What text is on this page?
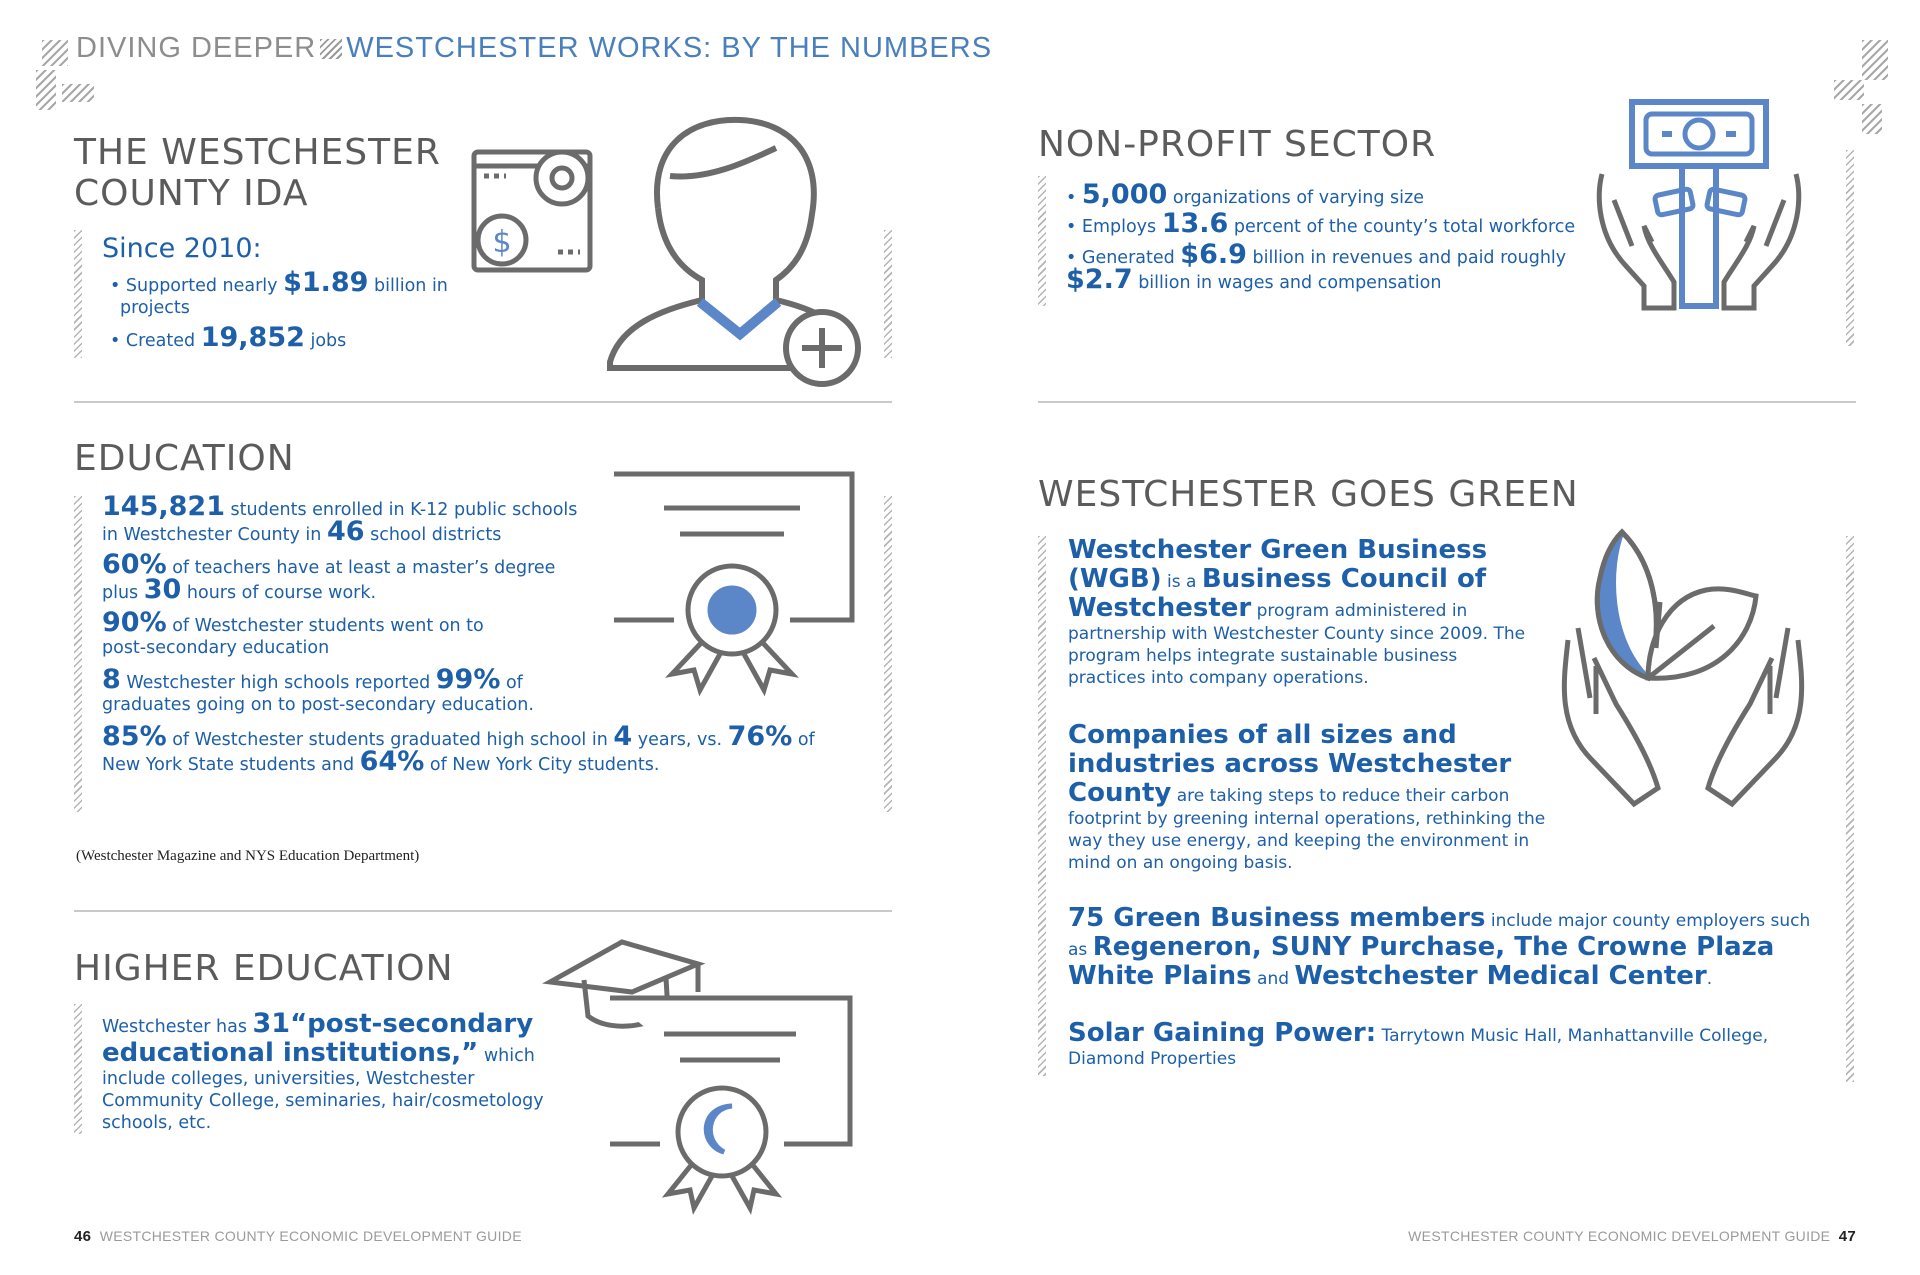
DIVING DEEPER WESTCHESTER WORKS: BY THE NUMBERS
THE WESTCHESTER COUNTY IDA

Since 2010:

• Supported nearly $1.89 billion in projects

• Created 19,852 jobs

$
EDUCATION

145,821 students enrolled in K-12 public schools in Westchester County in 46 school districts

60% of teachers have at least a master’s degree plus 30 hours of course work.

90% of Westchester students went on to post-secondary education

8 Westchester high schools reported 99% of graduates going on to post-secondary education.

85% of Westchester students graduated high school in 4 years, vs. 76% of New York State students and 64% of New York City students.

(Westchester Magazine and NYS Education Department)
HIGHER EDUCATION

Westchester has 31“post-secondary educational institutions,” which include colleges, universities, Westchester Community College, seminaries, hair/cosmetology schools, etc.

NON-PROFIT SECTOR

• 5,000 organizations of varying size

• Employs 13.6 percent of the county’s total workforce

• Generated $6.9 billion in revenues and paid roughly $2.7 billion in wages and compensation

WESTCHESTER GOES GREEN

Westchester Green Business (WGB) is a Business Council of Westchester program administered in partnership with Westchester County since 2009. The program helps integrate sustainable business practices into company operations.

Companies of all sizes and industries across Westchester County are taking steps to reduce their carbon footprint by greening internal operations, rethinking the way they use energy, and keeping the environment in mind on an ongoing basis.

75 Green Business members include major county employers such as Regeneron, SUNY Purchase, The Crowne Plaza White Plains and Westchester Medical Center.

Solar Gaining Power: Tarrytown Music Hall, Manhattanville College, Diamond Properties

46 WESTCHESTER COUNTY ECONOMIC DEVELOPMENT GUIDE	WESTCHESTER COUNTY ECONOMIC DEVELOPMENT GUIDE 47
